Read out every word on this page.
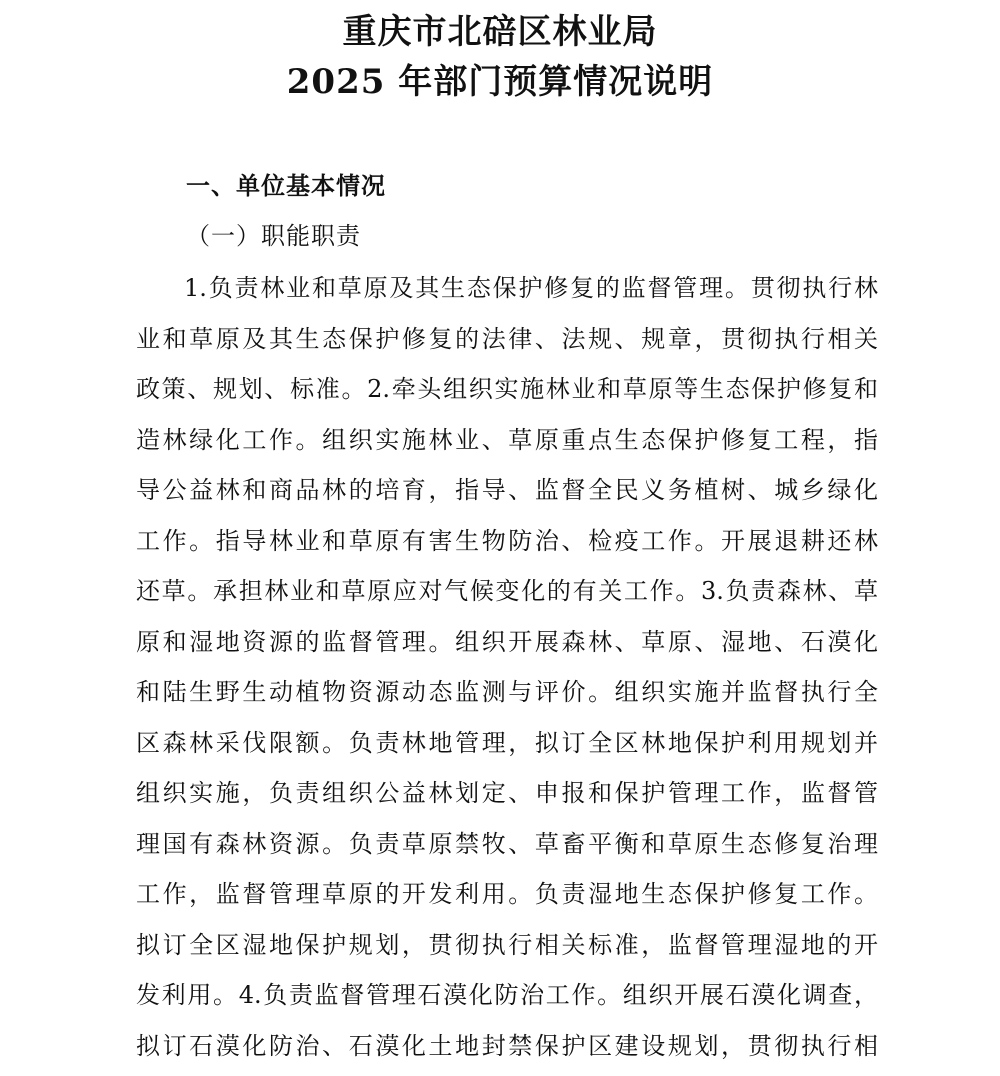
重庆市北碚区林业局
2025 年部门预算情况说明
一、单位基本情况
（一）职能职责
1.负责林业和草原及其生态保护修复的监督管理。贯彻执行林
业和草原及其生态保护修复的法律、法规、规章，贯彻执行相关
政策、规划、标准。2.牵头组织实施林业和草原等生态保护修复和
造林绿化工作。组织实施林业、草原重点生态保护修复工程，指
导公益林和商品林的培育，指导、监督全民义务植树、城乡绿化
工作。指导林业和草原有害生物防治、检疫工作。开展退耕还林
还草。承担林业和草原应对气候变化的有关工作。3.负责森林、草
原和湿地资源的监督管理。组织开展森林、草原、湿地、石漠化
和陆生野生动植物资源动态监测与评价。组织实施并监督执行全
区森林采伐限额。负责林地管理，拟订全区林地保护利用规划并
组织实施，负责组织公益林划定、申报和保护管理工作，监督管
理国有森林资源。负责草原禁牧、草畜平衡和草原生态修复治理
工作，监督管理草原的开发利用。负责湿地生态保护修复工作。
拟订全区湿地保护规划，贯彻执行相关标准，监督管理湿地的开
发利用。4.负责监督管理石漠化防治工作。组织开展石漠化调查，
拟订石漠化防治、石漠化土地封禁保护区建设规划，贯彻执行相
